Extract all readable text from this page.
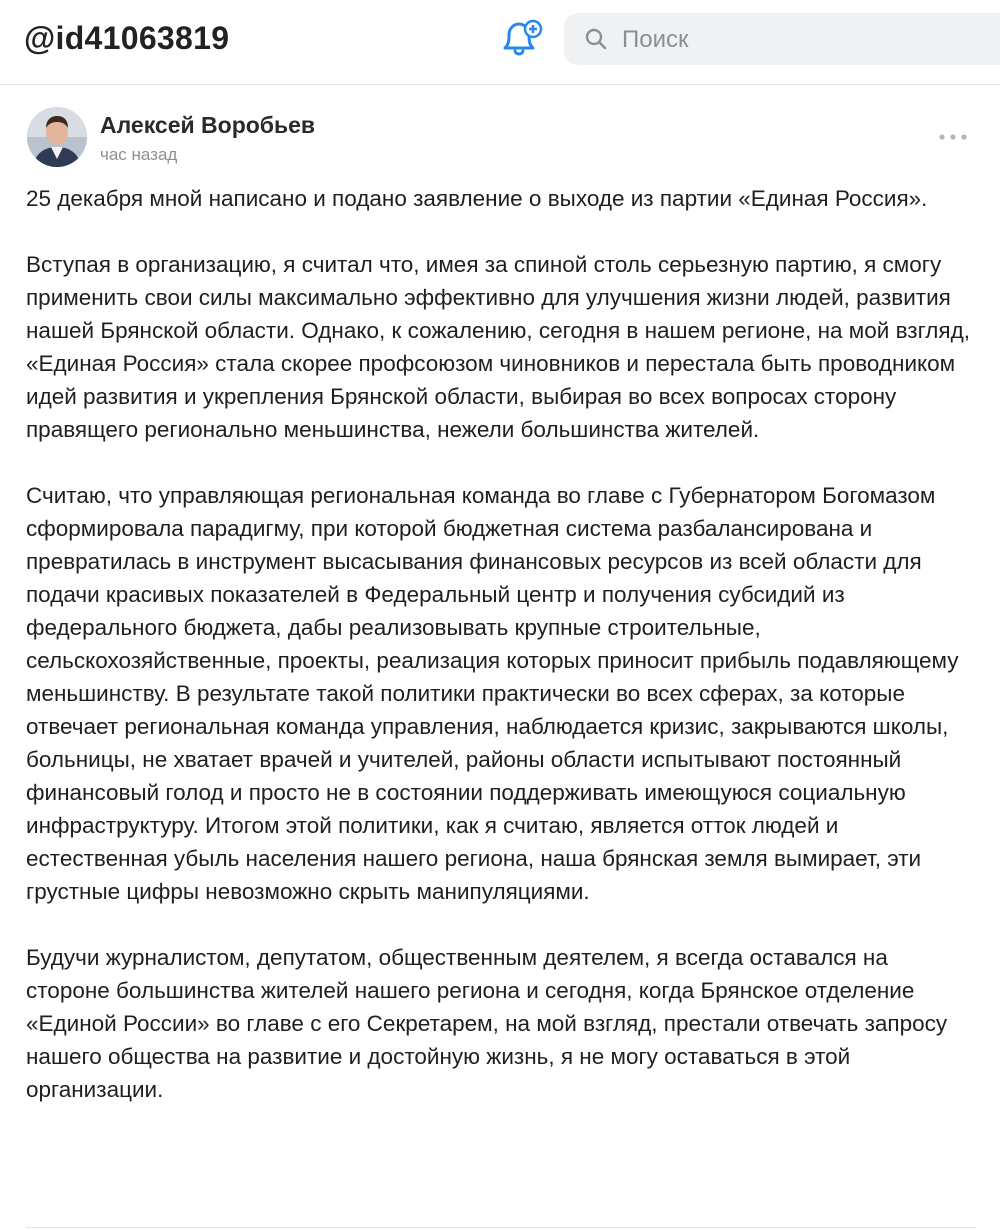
@id41063819	Поиск
Алексей Воробьев
час назад

25 декабря мной написано и подано заявление о выходе из партии «Единая Россия».

Вступая в организацию, я считал что, имея за спиной столь серьезную партию, я смогу применить свои силы максимально эффективно для улучшения жизни людей, развития нашей Брянской области. Однако, к сожалению, сегодня в нашем регионе, на мой взгляд, «Единая Россия» стала скорее профсоюзом чиновников и перестала быть проводником идей развития и укрепления Брянской области, выбирая во всех вопросах сторону правящего регионально меньшинства, нежели большинства жителей.

Считаю, что управляющая региональная команда во главе с Губернатором Богомазом сформировала парадигму, при которой бюджетная система разбалансирована и превратилась в инструмент высасывания финансовых ресурсов из всей области для подачи красивых показателей в Федеральный центр и получения субсидий из федерального бюджета, дабы реализовывать крупные строительные, сельскохозяйственные, проекты, реализация которых приносит прибыль подавляющему меньшинству. В результате такой политики практически во всех сферах, за которые отвечает региональная команда управления, наблюдается кризис, закрываются школы, больницы, не хватает врачей и учителей, районы области испытывают постоянный финансовый голод и просто не в состоянии поддерживать имеющуюся социальную инфраструктуру. Итогом этой политики, как я считаю, является отток людей и естественная убыль населения нашего региона, наша брянская земля вымирает, эти грустные цифры невозможно скрыть манипуляциями.

Будучи журналистом, депутатом, общественным деятелем, я всегда оставался на стороне большинства жителей нашего региона и сегодня, когда Брянское отделение «Единой России» во главе с его Секретарем, на мой взгляд, престали отвечать запросу нашего общества на развитие и достойную жизнь, я не могу оставаться в этой организации.
